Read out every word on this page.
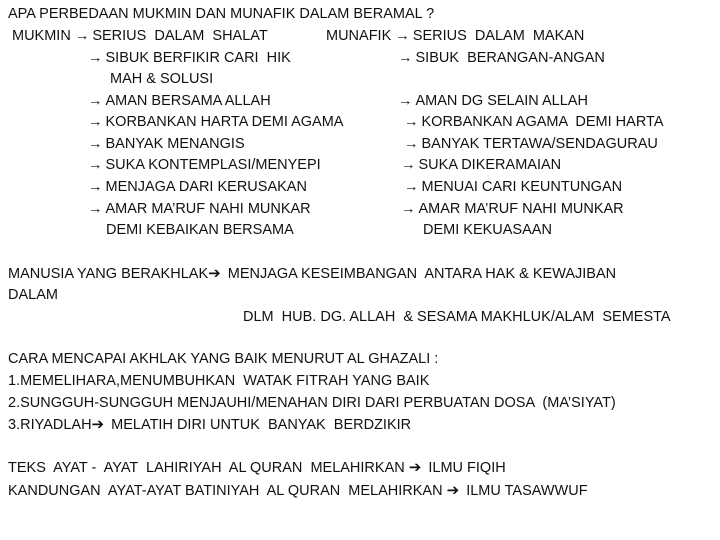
APA PERBEDAAN MUKMIN DAN MUNAFIK DALAM BERAMAL ?
MUKMIN → SERIUS  DALAM  SHALAT	MUNAFIK → SERIUS  DALAM  MAKAN
→ SIBUK BERFIKIR CARI  HIK	→ SIBUK  BERANGAN-ANGAN
MAH & SOLUSI
→ AMAN BERSAMA ALLAH	→ AMAN DG SELAIN ALLAH
→ KORBANKAN HARTA DEMI AGAMA	→ KORBANKAN AGAMA  DEMI HARTA
→ BANYAK MENANGIS	→ BANYAK TERTAWA/SENDAGURAU
→ SUKA KONTEMPLASI/MENYEPI	→ SUKA DIKERAMAIAN
→ MENJAGA DARI KERUSAKAN	→ MENUAI CARI KEUNTUNGAN
→ AMAR MA’RUF NAHI MUNKAR	→ AMAR MA’RUF NAHI MUNKAR
DEMI KEBAIKAN BERSAMA	DEMI KEKUASAAN
MANUSIA YANG BERAKHLAK➔ MENJAGA KESEIMBANGAN  ANTARA HAK & KEWAJIBAN
DALAM
DLM  HUB. DG. ALLAH  & SESAMA MAKHLUK/ALAM  SEMESTA
CARA MENCAPAI AKHLAK YANG BAIK MENURUT AL GHAZALI :
1.MEMELIHARA,MENUMBUHKAN  WATAK FITRAH YANG BAIK
2.SUNGGUH-SUNGGUH MENJAUHI/MENAHAN DIRI DARI PERBUATAN DOSA  (MA’SIYAT)
3.RIYADLAH➔ MELATIH DIRI UNTUK  BANYAK  BERDZIKIR
TEKS  AYAT -  AYAT  LAHIRIYAH  AL QURAN  MELAHIRKAN ➔ ILMU FIQIH
KANDUNGAN  AYAT-AYAT BATINIYAH  AL QURAN  MELAHIRKAN ➔ ILMU TASAWWUF
